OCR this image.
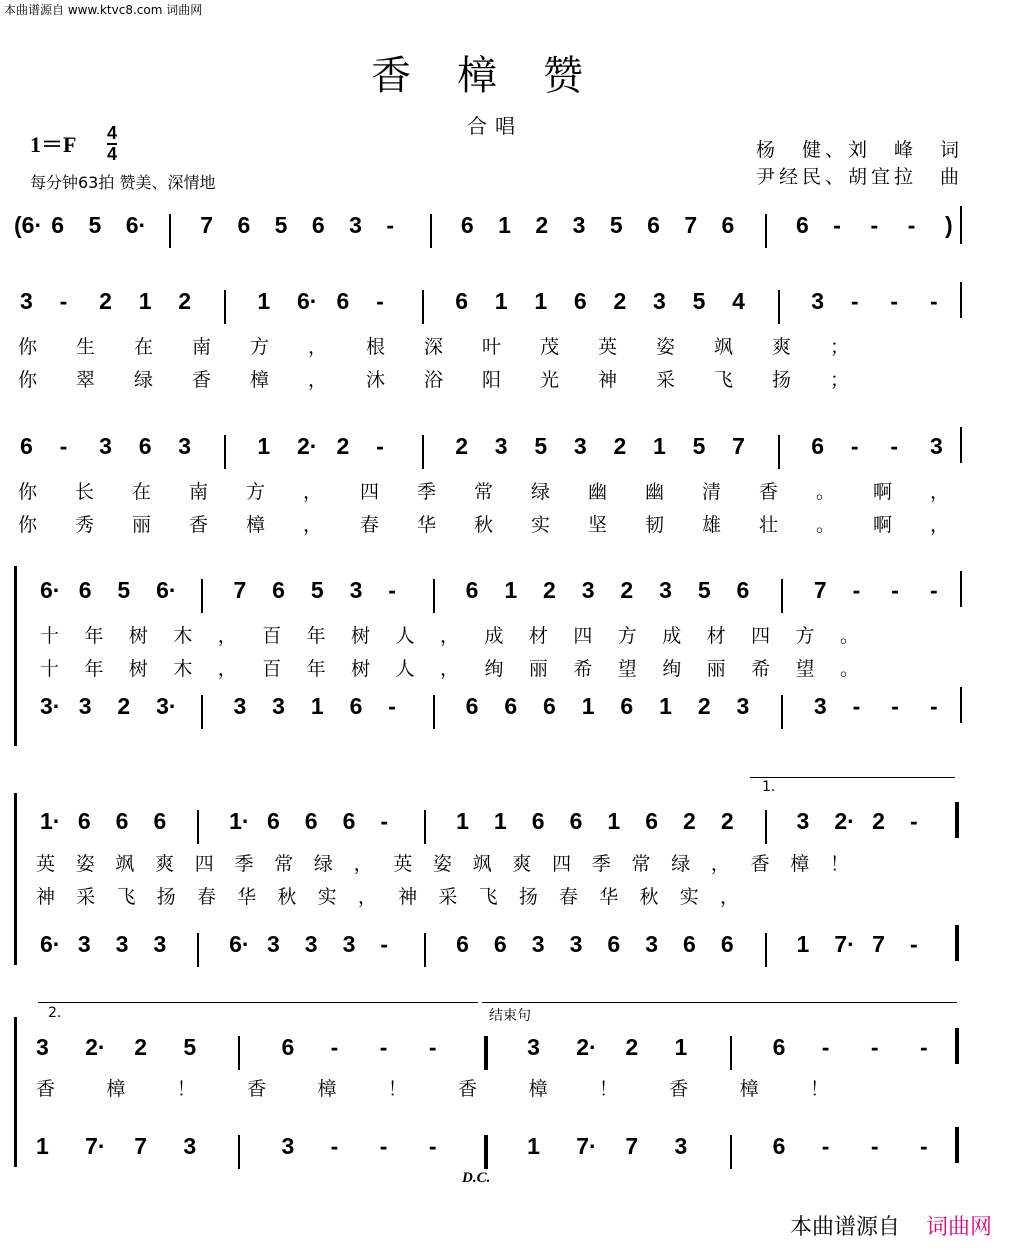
本曲谱源自 www.ktvc8.com 词曲网
香樟赞
合唱
1＝F 4
4
每分钟63拍 赞美、深情地
杨　健、刘　峰　词
尹经民、胡宜拉　曲
(6· 6 5 6· 7 6 5 6 3 -	6 1 2 3 5 6 7 6	6 - - - )
3 - 2 1 2	1 6· 6 -	6 1 1 6 2 3 5 4	3 - - -
你 生 在 南 方 ， 根 深 叶 茂 英 姿 飒 爽 ；
你 翠 绿 香 樟 ， 沐 浴 阳 光 神 采 飞 扬 ；
6 - 3 6 3	1 2· 2 -	2 3 5 3 2 1 5 7	6 - - 3
你 长 在 南 方 ， 四 季 常 绿 幽 幽 清 香 。 啊 ，
你 秀 丽 香 樟 ， 春 华 秋 实 坚 韧 雄 壮 。 啊 ，
6· 6 5 6· 7 6 5 3 -	6 1 2 3 2 3 5 6	7 - - -
十 年 树 木 ， 百 年 树 人 ， 成 材 四 方 成 材 四 方 。
十 年 树 木 ， 百 年 树 人 ， 绚 丽 希 望 绚 丽 希 望 。
3· 3 2 3· 3 3 1 6 -	6 6 6 1 6 1 2 3	3 - - -
1.
1· 6 6 6	1· 6 6 6 -	1 1 6 6 1 6 2 2	3 2· 2 -
英 姿 飒 爽 四 季 常 绿 ， 英 姿 飒 爽 四 季 常 绿 ， 香 樟 ！
神 采 飞 扬 春 华 秋 实 ， 神 采 飞 扬 春 华 秋 实 ，
6· 3 3 3	6· 3 3 3 -	6 6 3 3 6 3 6 6	1 7· 7 -
2.	结束句
3 2· 2 5	6 - - -	3 2· 2 1	6 - - -
香	樟	！	香	樟	！	香	樟	！	香	樟	！
1 7· 7 3	3 - - -	1 7· 7 3	6 - - -
D.C.
本曲谱源自 词曲网
